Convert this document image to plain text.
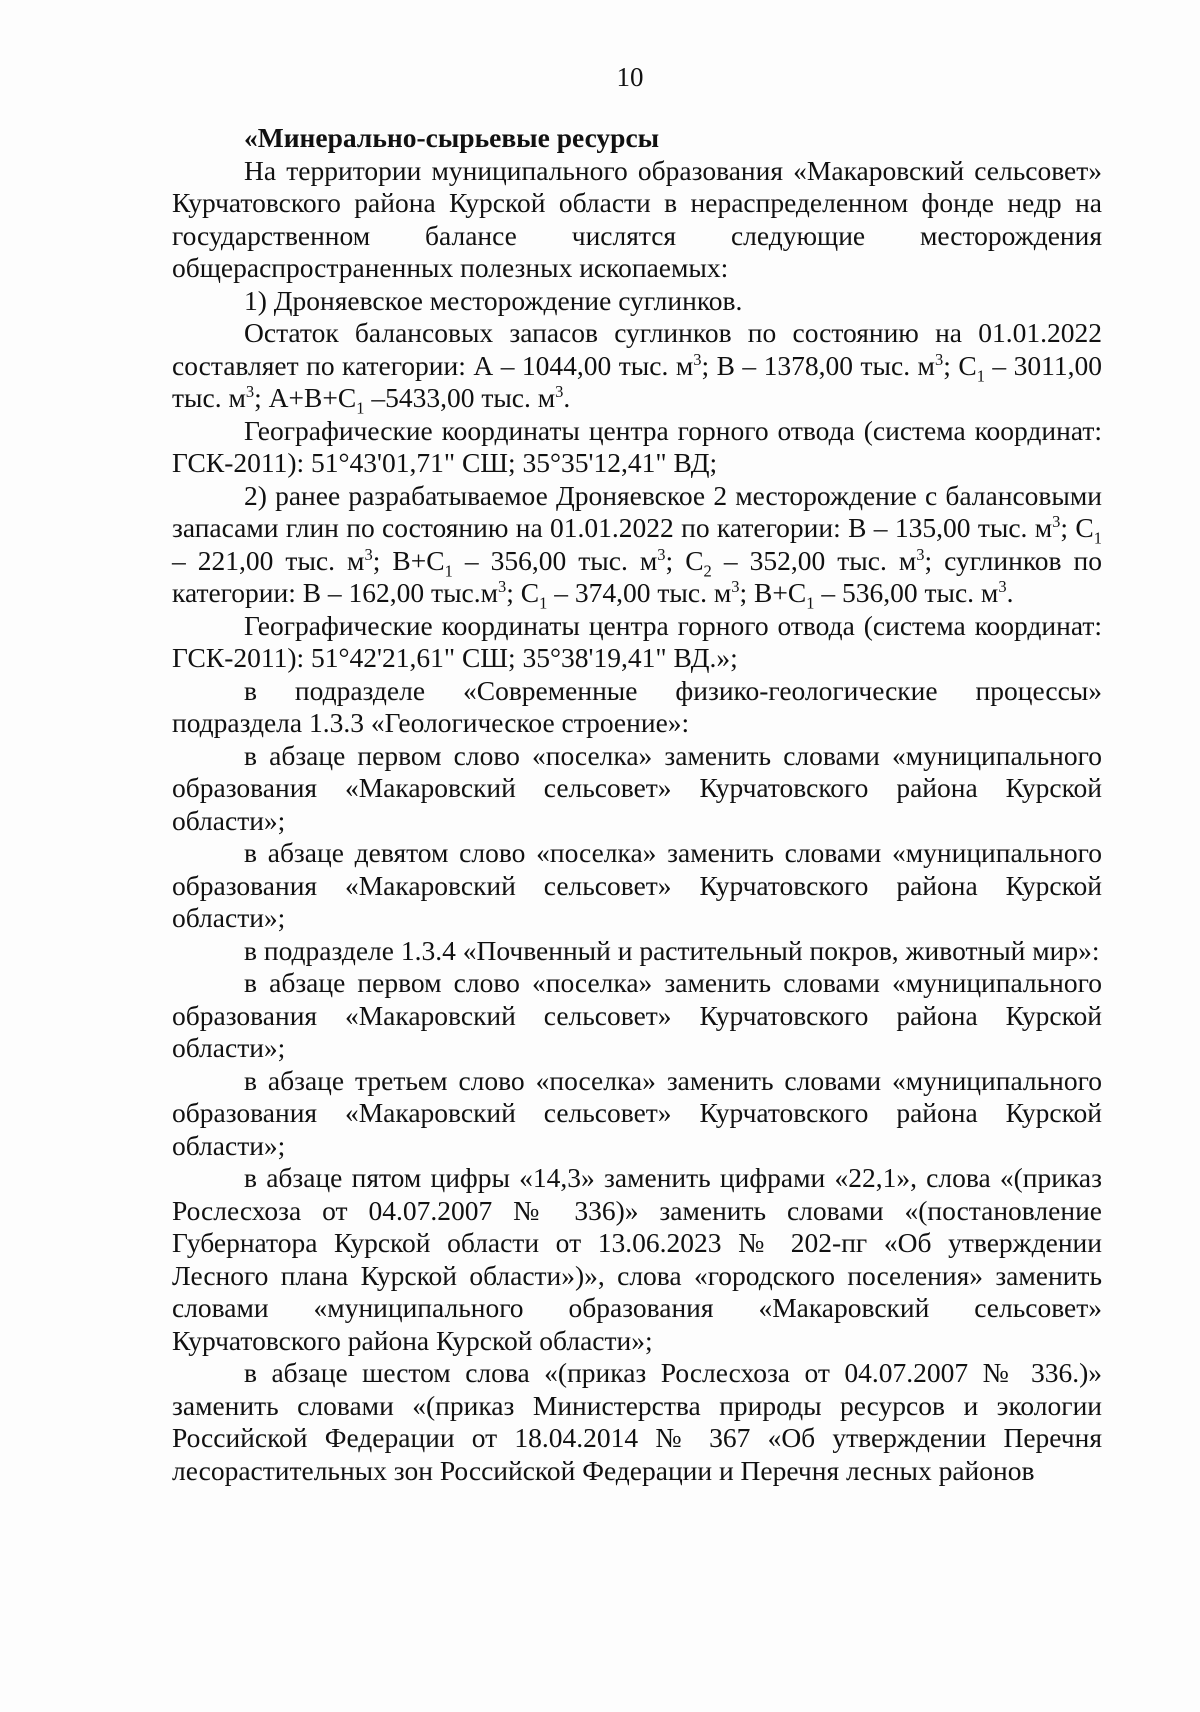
10

«Минерально-сырьевые ресурсы

На территории муниципального образования «Макаровский сельсовет» Курчатовского района Курской области в нераспределенном фонде недр на государственном балансе числятся следующие месторождения общераспространенных полезных ископаемых:

1) Дроняевское месторождение суглинков.

Остаток балансовых запасов суглинков по состоянию на 01.01.2022 составляет по категории: А – 1044,00 тыс. $м^3$; В – 1378,00 тыс. $м^3$; $С_1 - 3011,00$ тыс. $м^3$; $А+В+С_1$ –5433,00 тыс. $м^3$.

Географические координаты центра горного отвода (система координат: ГСК-2011): 51°43'01,71" СШ; 35°35'12,41" ВД;

2) ранее разрабатываемое Дроняевское 2 месторождение с балансовыми запасами глин по состоянию на 01.01.2022 по категории: В – 135,00 тыс. $м^3$; $С_1 - 221,00$ тыс. $м^3$; $В+С_1 - 356,00$ тыс. $м^3$; $С_2 - 352,00$ тыс. $м^3$; суглинков по категории: В – 162,00 $тыс.м^3$; $С_1 - 374,00$ тыс. $м^3$; $В+С_1 - 536,00$ тыс. $м^3$.

Географические координаты центра горного отвода (система координат: ГСК-2011): 51°42'21,61" СШ; 35°38'19,41" ВД.»;

в подразделе «Современные физико-геологические процессы» подраздела 1.3.3 «Геологическое строение»:

в абзаце первом слово «поселка» заменить словами «муниципального образования «Макаровский сельсовет» Курчатовского района Курской области»;

в абзаце девятом слово «поселка» заменить словами «муниципального образования «Макаровский сельсовет» Курчатовского района Курской области»;

в подразделе 1.3.4 «Почвенный и растительный покров, животный мир»:

в абзаце первом слово «поселка» заменить словами «муниципального образования «Макаровский сельсовет» Курчатовского района Курской области»;

в абзаце третьем слово «поселка» заменить словами «муниципального образования «Макаровский сельсовет» Курчатовского района Курской области»;

в абзаце пятом цифры «14,3» заменить цифрами «22,1», слова «(приказ Рослесхоза от 04.07.2007 № 336)» заменить словами «(постановление Губернатора Курской области от 13.06.2023 № 202-пг «Об утверждении Лесного плана Курской области»)», слова «городского поселения» заменить словами «муниципального образования «Макаровский сельсовет» Курчатовского района Курской области»;

в абзаце шестом слова «(приказ Рослесхоза от 04.07.2007 № 336.)» заменить словами «(приказ Министерства природы ресурсов и экологии Российской Федерации от 18.04.2014 № 367 «Об утверждении Перечня лесорастительных зон Российской Федерации и Перечня лесных районов
